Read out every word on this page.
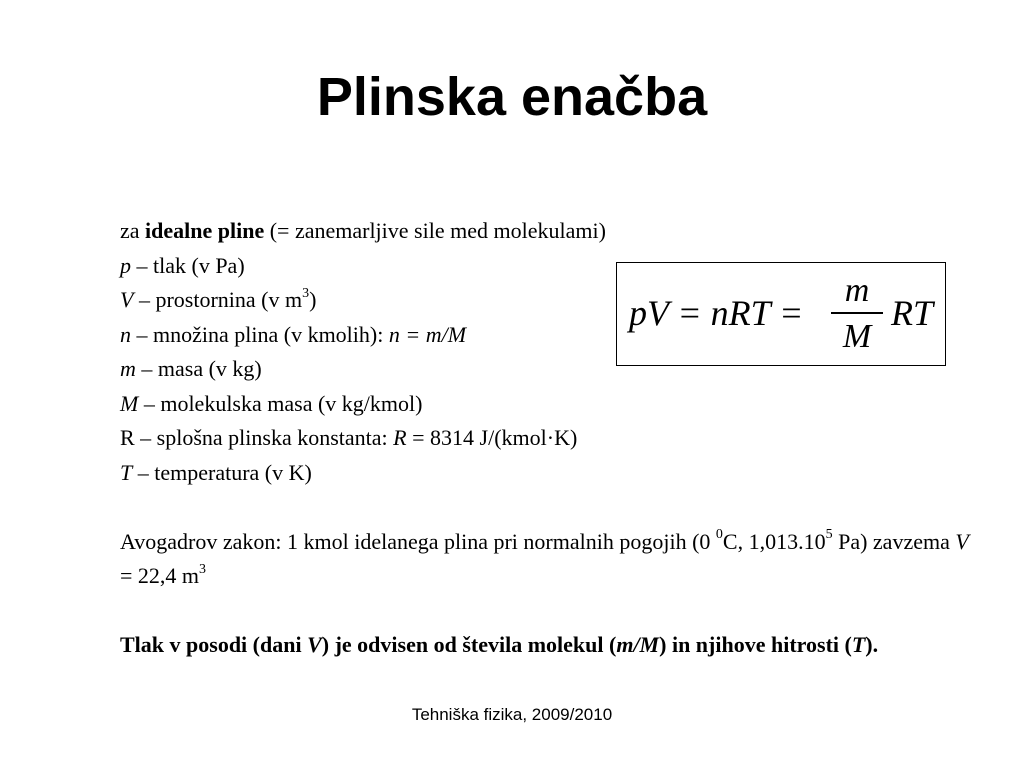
Plinska enačba
za idealne pline (= zanemarljive sile med molekulami)
p – tlak (v Pa)
V – prostornina (v $m^3$)
n – množina plina (v kmolih): n = m/M
m – masa (v kg)
M – molekulska masa (v kg/kmol)
R – splošna plinska konstanta: R = 8314 J/(kmol·K)
T – temperatura (v K)
Avogadrov zakon: 1 kmol idelanega plina pri normalnih pogojih (0 $^0$C, 1,013.10$^5$ Pa) zavzema V = 22,4 $m^3$
Tlak v posodi (dani V) je odvisen od števila molekul (m/M) in njihove hitrosti (T).
pV = nRT =
m
M
RT
Tehniška fizika, 2009/2010
